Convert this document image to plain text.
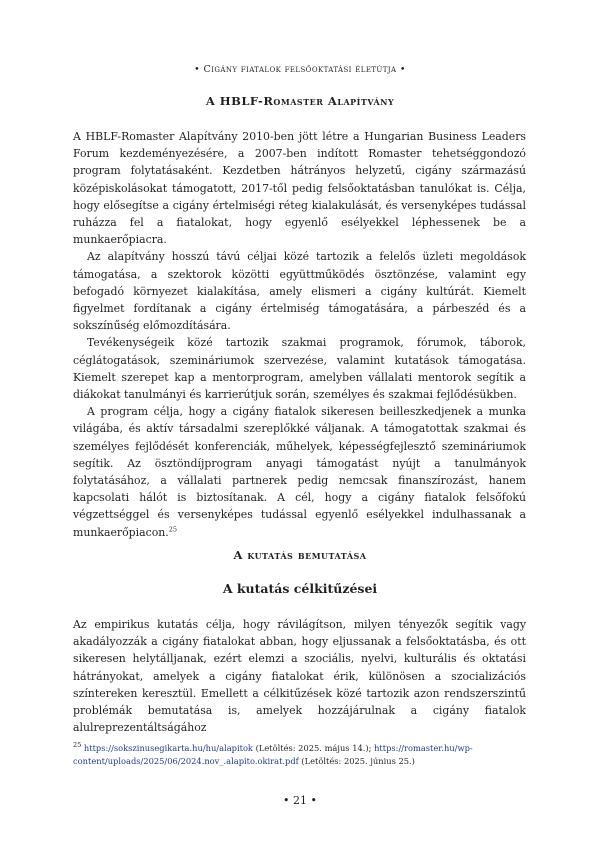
• Cigány fiatalok felsőoktatási életútja •
A HBLF-Romaster Alapítvány

A HBLF-Romaster Alapítvány 2010-ben jött létre a Hungarian Business Leaders Forum kezdeményezésére, a 2007-ben indított Romaster tehetséggondozó program folytatásaként. Kezdetben hátrányos helyzetű, cigány származású középiskolásokat támogatott, 2017-től pedig felsőoktatásban tanulókat is. Célja, hogy elősegítse a cigány értelmiségi réteg kialakulását, és versenyképes tudással ruházza fel a fiatalokat, hogy egyenlő esélyekkel léphessenek be a munkaerőpiacra.

Az alapítvány hosszú távú céljai közé tartozik a felelős üzleti megoldások támogatása, a szektorok közötti együttműködés ösztönzése, valamint egy befogadó környezet kialakítása, amely elismeri a cigány kultúrát. Kiemelt figyelmet fordítanak a cigány értelmiség támogatására, a párbeszéd és a sokszínűség előmozdítására.

Tevékenységeik közé tartozik szakmai programok, fórumok, táborok, céglátogatások, szemináriumok szervezése, valamint kutatások támogatása. Kiemelt szerepet kap a mentorprogram, amelyben vállalati mentorok segítik a diákokat tanulmányi és karrierútjuk során, személyes és szakmai fejlődésükben.

A program célja, hogy a cigány fiatalok sikeresen beilleszkedjenek a munka világába, és aktív társadalmi szereplőkké váljanak. A támogatottak szakmai és személyes fejlődését konferenciák, műhelyek, képességfejlesztő szemináriumok segítik. Az ösztöndíjprogram anyagi támogatást nyújt a tanulmányok folytatásához, a vállalati partnerek pedig nemcsak finanszírozást, hanem kapcsolati hálót is biztosítanak. A cél, hogy a cigány fiatalok felsőfokú végzettséggel és versenyképes tudással egyenlő esélyekkel indulhassanak a munkaerőpiacon.$^{25}$

A kutatás bemutatása
A kutatás célkitűzései

Az empirikus kutatás célja, hogy rávilágítson, milyen tényezők segítik vagy akadályozzák a cigány fiatalokat abban, hogy eljussanak a felsőoktatásba, és ott sikeresen helytálljanak, ezért elemzi a szociális, nyelvi, kulturális és oktatási hátrányokat, amelyek a cigány fiatalokat érik, különösen a szocializációs színtereken keresztül. Emellett a célkitűzések közé tartozik azon rendszerszintű problémák bemutatása is, amelyek hozzájárulnak a cigány fiatalok alulreprezentáltságához

$^{25}$ https://sokszinusegikarta.hu/hu/alapitok (Letöltés: 2025. május 14.); https://romaster.hu/wp-content/uploads/2025/06/2024.nov_.alapito.okirat.pdf (Letöltés: 2025. június 25.)
• 21 •
